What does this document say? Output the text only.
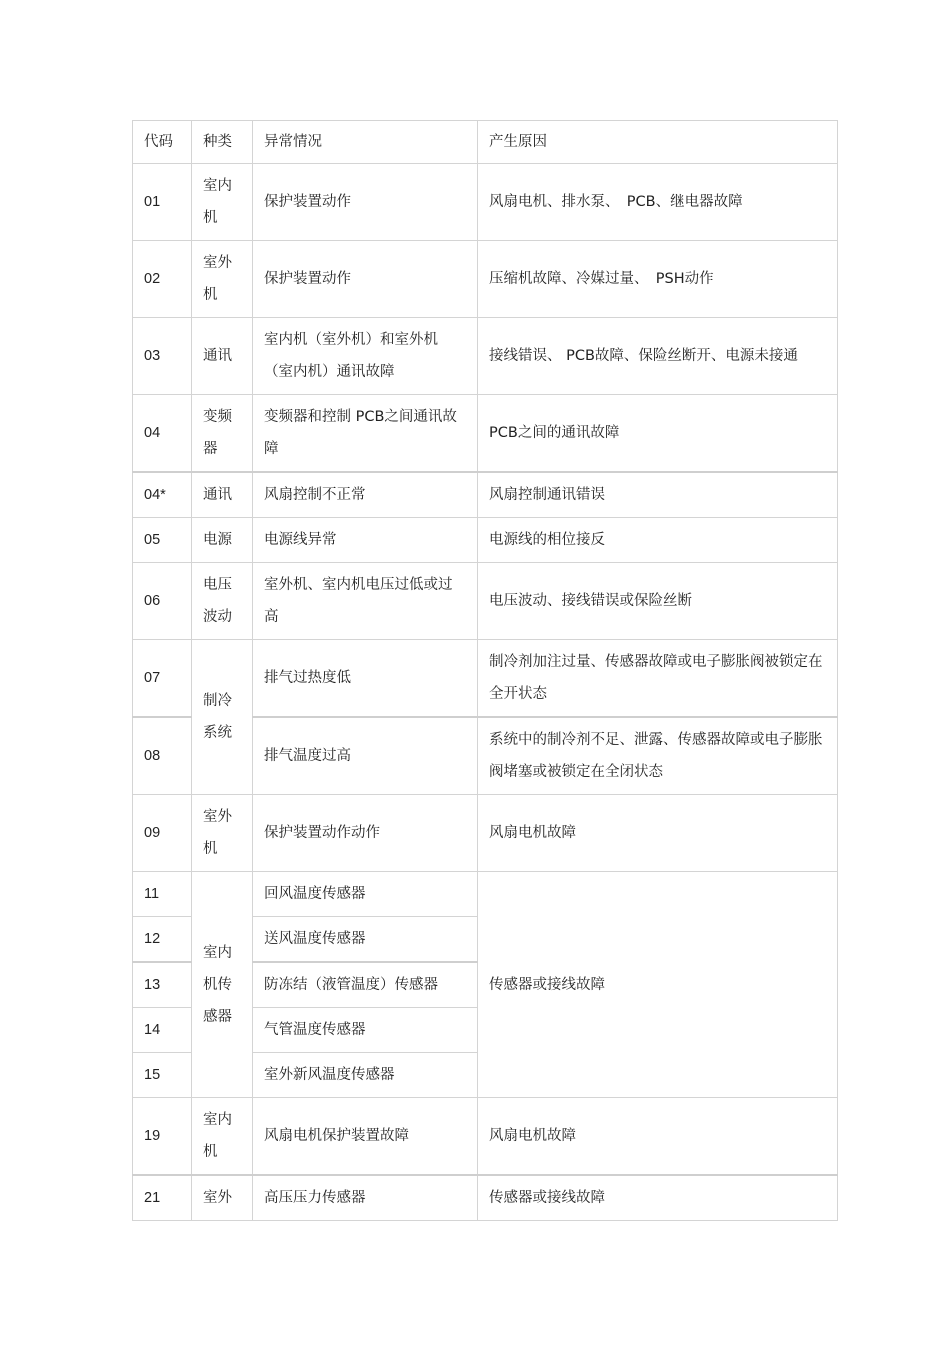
代码	种类	异常情况	产生原因
01	室内机	保护装置动作	风扇电机、排水泵、　PCB、继电器故障
02	室外机	保护装置动作	压缩机故障、冷媒过量、　PSH动作
03	通讯	室内机（室外机）和室外机（室内机）通讯故障	接线错误、 PCB故障、保险丝断开、电源未接通
04	变频器	变频器和控制 PCB之间通讯故障	PCB之间的通讯故障
04*	通讯	风扇控制不正常	风扇控制通讯错误
05	电源	电源线异常	电源线的相位接反
06	电压波动	室外机、室内机电压过低或过高	电压波动、接线错误或保险丝断
07	制冷系统	排气过热度低	制冷剂加注过量、传感器故障或电子膨胀阀被锁定在全开状态
08		排气温度过高	系统中的制冷剂不足、泄露、传感器故障或电子膨胀阀堵塞或被锁定在全闭状态
09	室外机	保护装置动作动作	风扇电机故障
11	室内机传感器	回风温度传感器	传感器或接线故障
12		送风温度传感器	
13		防冻结（液管温度）传感器	
14		气管温度传感器	
15		室外新风温度传感器	
19	室内机	风扇电机保护装置故障	风扇电机故障
21	室外	高压压力传感器	传感器或接线故障
